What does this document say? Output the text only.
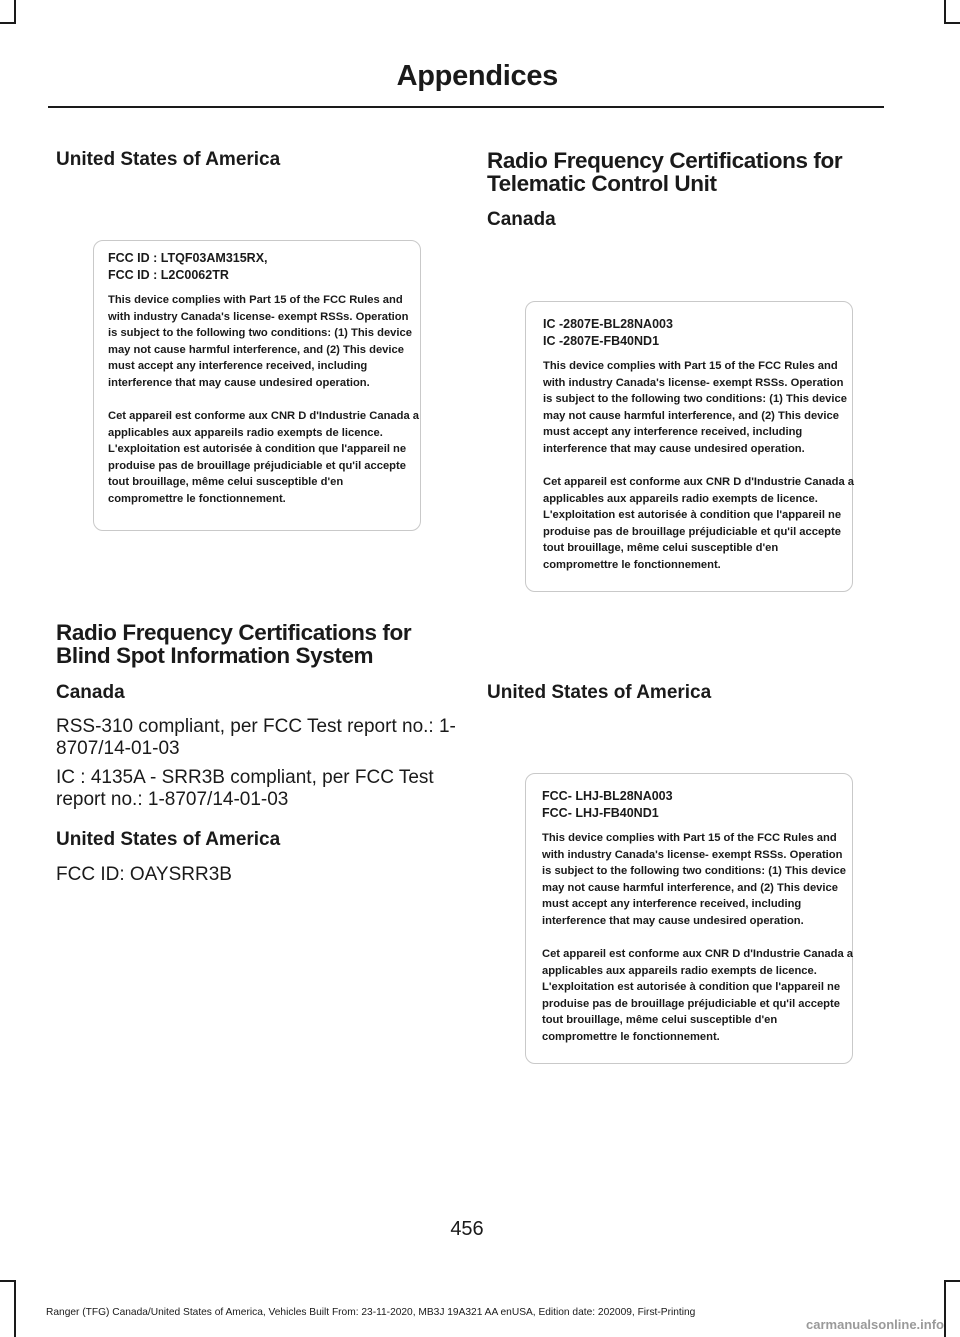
Appendices
United States of America
FCC ID : LTQF03AM315RX,
FCC ID : L2C0062TR
This device complies with Part 15 of the FCC Rules and
with industry Canada's license- exempt RSSs. Operation
is subject to the following two conditions: (1) This device
may not cause harmful interference, and (2) This device
must accept any interference received, including
interference that may cause undesired operation.
Cet appareil est conforme aux CNR D d'Industrie Canada a
applicables aux appareils radio exempts de licence.
L'exploitation est autorisée à condition que l'appareil ne
produise pas de brouillage préjudiciable et qu'il accepte
tout brouillage, même celui susceptible d'en
compromettre le fonctionnement.
Radio Frequency Certifications for
Blind Spot Information System
Canada

RSS-310 compliant, per FCC Test report no.: 1-8707/14-01-03

IC : 4135A - SRR3B compliant, per FCC Test report no.: 1-8707/14-01-03

United States of America

FCC ID: OAYSRR3B

Radio Frequency Certifications for
Telematic Control Unit
Canada
IC -2807E-BL28NA003
IC -2807E-FB40ND1
This device complies with Part 15 of the FCC Rules and
with industry Canada's license- exempt RSSs. Operation
is subject to the following two conditions: (1) This device
may not cause harmful interference, and (2) This device
must accept any interference received, including
interference that may cause undesired operation.
Cet appareil est conforme aux CNR D d'Industrie Canada a
applicables aux appareils radio exempts de licence.
L'exploitation est autorisée à condition que l'appareil ne
produise pas de brouillage préjudiciable et qu'il accepte
tout brouillage, même celui susceptible d'en
compromettre le fonctionnement.
United States of America
FCC- LHJ-BL28NA003
FCC- LHJ-FB40ND1
This device complies with Part 15 of the FCC Rules and
with industry Canada's license- exempt RSSs. Operation
is subject to the following two conditions: (1) This device
may not cause harmful interference, and (2) This device
must accept any interference received, including
interference that may cause undesired operation.
Cet appareil est conforme aux CNR D d'Industrie Canada a
applicables aux appareils radio exempts de licence.
L'exploitation est autorisée à condition que l'appareil ne
produise pas de brouillage préjudiciable et qu'il accepte
tout brouillage, même celui susceptible d'en
compromettre le fonctionnement.
456
Ranger (TFG) Canada/United States of America, Vehicles Built From: 23-11-2020, MB3J 19A321 AA enUSA, Edition date: 202009, First-Printing
carmanualsonline.info
